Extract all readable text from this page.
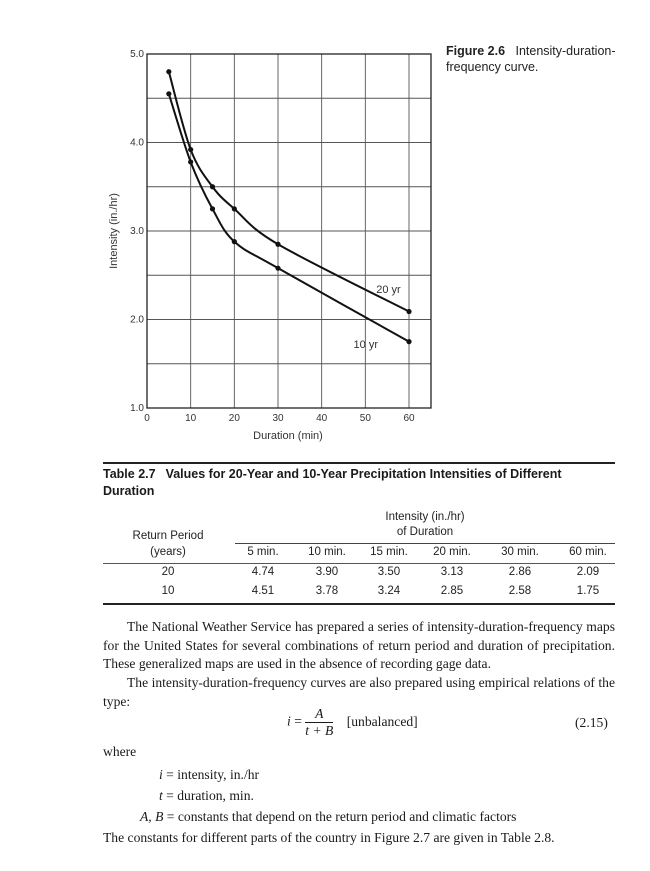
0	10	20	30	40	50	60
1.0
2.0
3.0
4.0
5.0
Duration (min)
Intensity (in./hr)
20 yr
10 yr
Figure 2.6 Intensity-duration-frequency curve.
Table 2.7 Values for 20-Year and 10-Year Precipitation Intensities of Different Duration
Return Period
(years)
Intensity (in./hr)
of Duration
5 min.	10 min. 15 min. 20 min.	30 min.	60 min.
20	4.74	3.90	3.50	3.13	2.86	2.09
10	4.51	3.78	3.24	2.85	2.58	1.75
The National Weather Service has prepared a series of intensity-duration-frequency maps for the United States for several combinations of return period and duration of precipitation. These generalized maps are used in the absence of recording gage data.
The intensity-duration-frequency curves are also prepared using empirical relations of the type:
$i = \frac{A}{t + B}$ [unbalanced]	(2.15)
where
i = intensity, in./hr
t = duration, min.
A, B = constants that depend on the return period and climatic factors
The constants for different parts of the country in Figure 2.7 are given in Table 2.8.
